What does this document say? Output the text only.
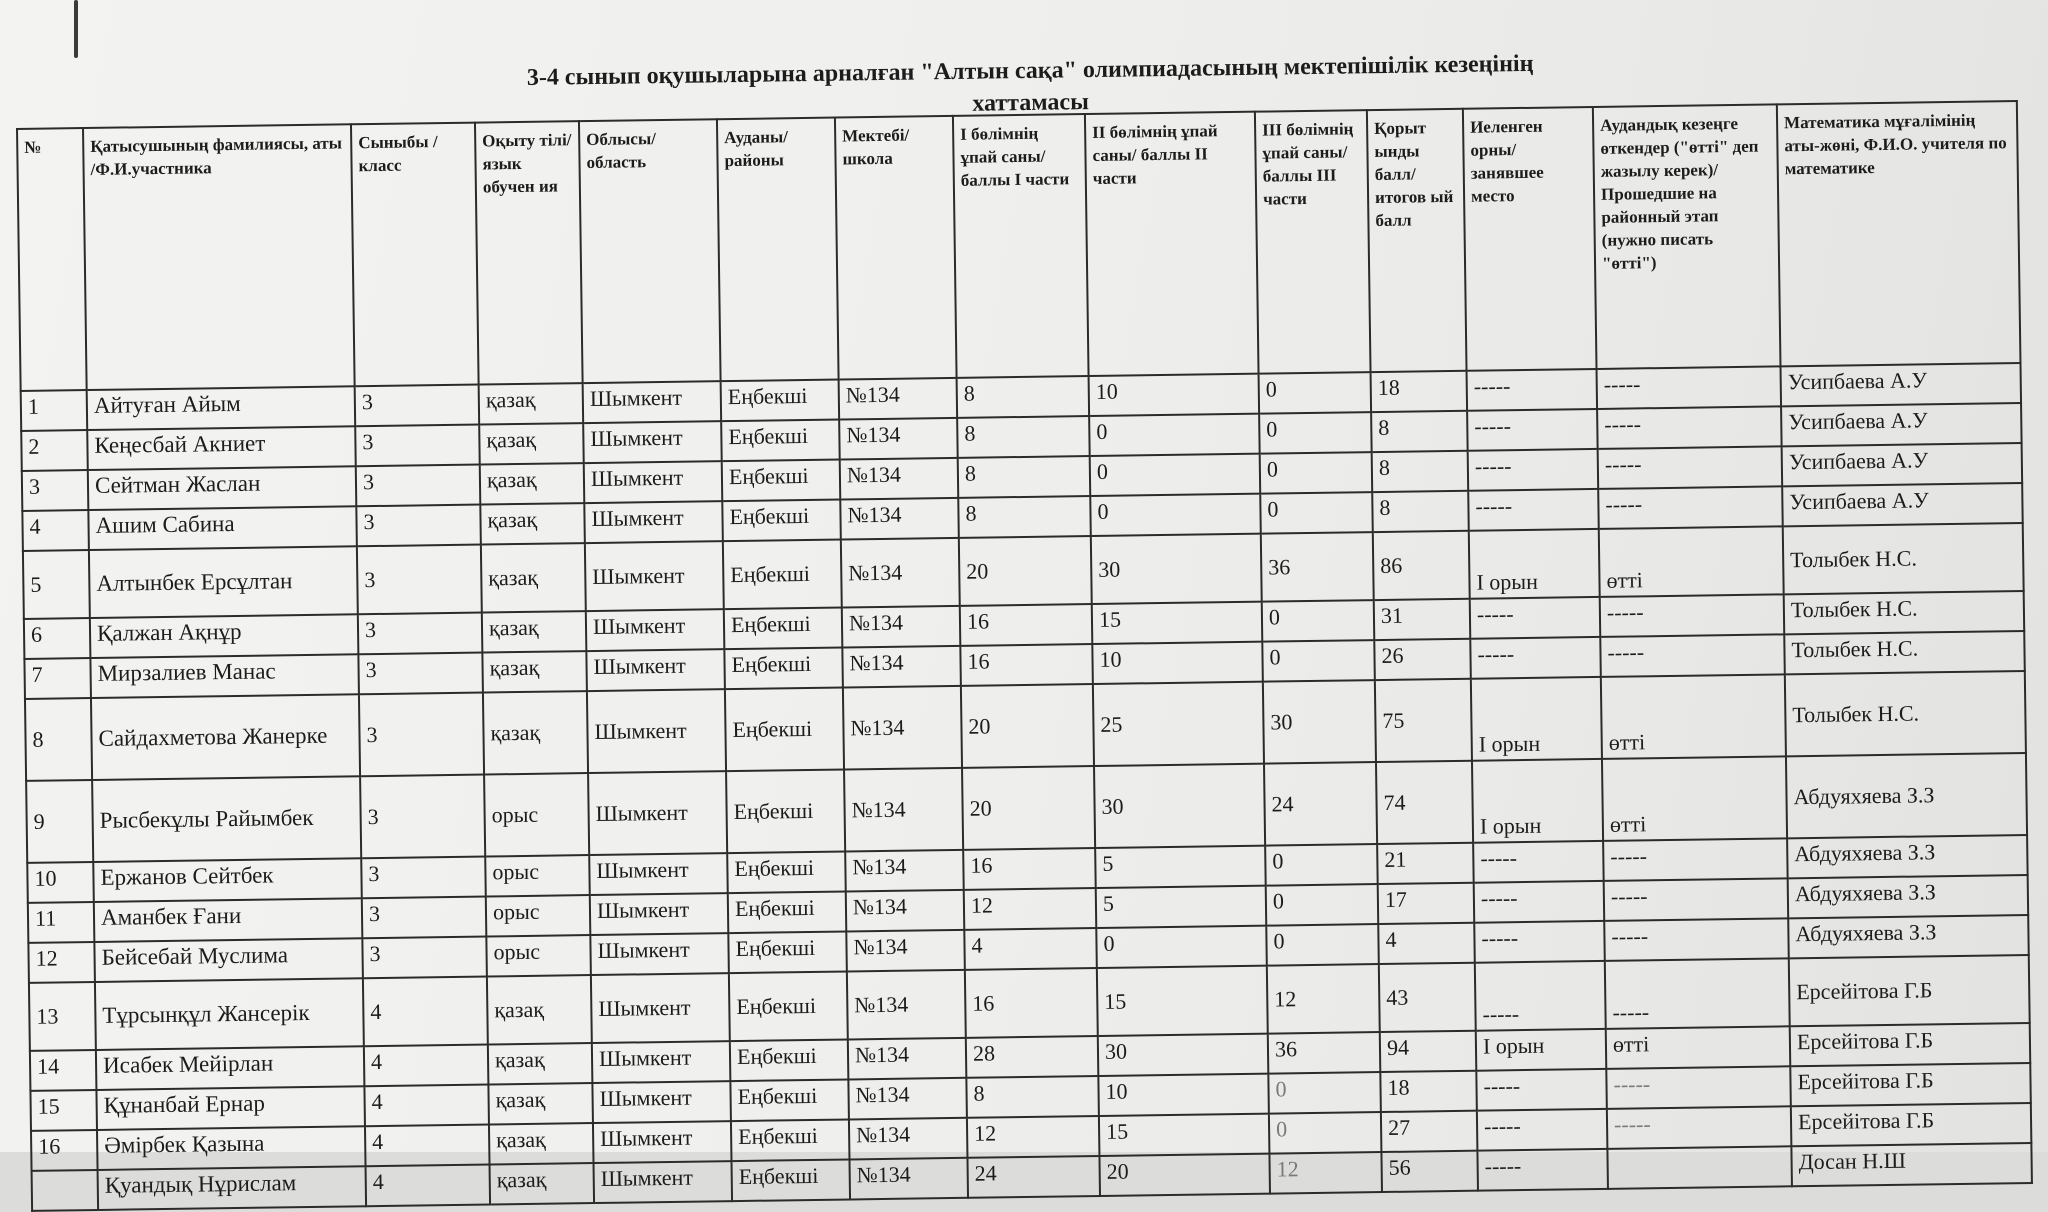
3-4 сынып оқушыларына арналған "Алтын сақа" олимпиадасының мектепішілік кезеңінің
хаттамасы
№	Қатысушының фамилиясы, аты /Ф.И.участника	Сыныбы /класс	Оқыту тілі/ язык обучен ия	Облысы/ область	Ауданы/ районы	Мектебі/ школа	І бөлімнің ұпай саны/ баллы І части	ІІ бөлімнің ұпай саны/ баллы ІІ части	ІІІ бөлімнің ұпай саны/ баллы ІІІ части	Қорыт ынды балл/ итогов ый балл	Иеленген орны/ занявшее место	Аудандық кезеңге өткендер ("өтті" деп жазылу керек)/ Прошедшие на районный этап (нужно писать "өтті")	Математика мұғалімінің аты-жөні, Ф.И.О. учителя по математике
1	Айтуған Айым	3	қазақ	Шымкент	Еңбекші	№134	8	10	0	18	-----	-----	Усипбаева А.У
2	Кеңесбай Акниет	3	қазақ	Шымкент	Еңбекші	№134	8	0	0	8	-----	-----	Усипбаева А.У
3	Сейтман Жаслан	3	қазақ	Шымкент	Еңбекші	№134	8	0	0	8	-----	-----	Усипбаева А.У
4	Ашим Сабина	3	қазақ	Шымкент	Еңбекші	№134	8	0	0	8	-----	-----	Усипбаева А.У
5	Алтынбек Ерсұлтан	3	қазақ	Шымкент	Еңбекші	№134	20	30	36	86	І орын	өтті	Толыбек Н.С.
6	Қалжан Ақнұр	3	қазақ	Шымкент	Еңбекші	№134	16	15	0	31	-----	-----	Толыбек Н.С.
7	Мирзалиев Манас	3	қазақ	Шымкент	Еңбекші	№134	16	10	0	26	-----	-----	Толыбек Н.С.
8	Сайдахметова Жанерке	3	қазақ	Шымкент	Еңбекші	№134	20	25	30	75	І орын	өтті	Толыбек Н.С.
9	Рысбекұлы Райымбек	3	орыс	Шымкент	Еңбекші	№134	20	30	24	74	І орын	өтті	Абдуяхяева З.З
10	Ержанов Сейтбек	3	орыс	Шымкент	Еңбекші	№134	16	5	0	21	-----	-----	Абдуяхяева З.З
11	Аманбек Ғани	3	орыс	Шымкент	Еңбекші	№134	12	5	0	17	-----	-----	Абдуяхяева З.З
12	Бейсебай Муслима	3	орыс	Шымкент	Еңбекші	№134	4	0	0	4	-----	-----	Абдуяхяева З.З
13	Тұрсынқұл Жансерік	4	қазақ	Шымкент	Еңбекші	№134	16	15	12	43	-----	-----	Ерсейітова Г.Б
14	Исабек Мейірлан	4	қазақ	Шымкент	Еңбекші	№134	28	30	36	94	І орын	өтті	Ерсейітова Г.Б
15	Құнанбай Ернар	4	қазақ	Шымкент	Еңбекші	№134	8	10	0	18	-----	-----	Ерсейітова Г.Б
16	Әмірбек Қазына	4	қазақ	Шымкент	Еңбекші	№134	12	15	0	27	-----	-----	Ерсейітова Г.Б
	Қуандық Нұрислам	4	қазақ	Шымкент	Еңбекші	№134	24	20	12	56	-----		Досан Н.Ш
